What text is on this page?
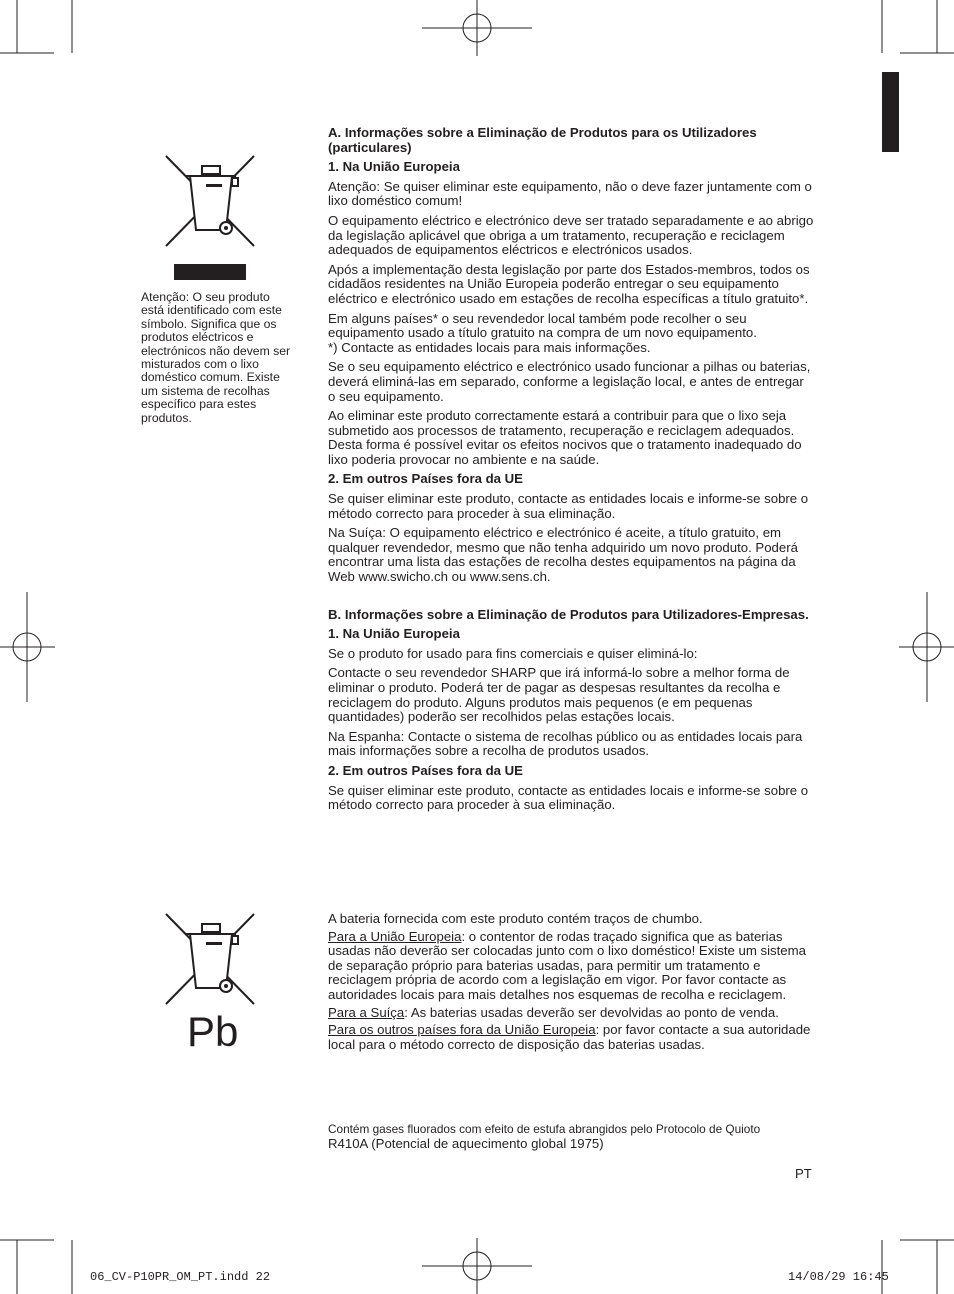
Atenção: O seu produto está identificado com este símbolo. Significa que os produtos eléctricos e electrónicos não devem ser misturados com o lixo doméstico comum. Existe um sistema de recolhas específico para estes produtos.
A. Informações sobre a Eliminação de Produtos para os Utilizadores (particulares)
1. Na União Europeia

Atenção: Se quiser eliminar este equipamento, não o deve fazer juntamente com o lixo doméstico comum!

O equipamento eléctrico e electrónico deve ser tratado separadamente e ao abrigo da legislação aplicável que obriga a um tratamento, recuperação e reciclagem adequados de equipamentos eléctricos e electrónicos usados.

Após a implementação desta legislação por parte dos Estados-membros, todos os cidadãos residentes na União Europeia poderão entregar o seu equipamento eléctrico e electrónico usado em estações de recolha específicas a título gratuito*.

Em alguns países* o seu revendedor local também pode recolher o seu equipamento usado a título gratuito na compra de um novo equipamento.

*) Contacte as entidades locais para mais informações.

Se o seu equipamento eléctrico e electrónico usado funcionar a pilhas ou baterias, deverá eliminá-las em separado, conforme a legislação local, e antes de entregar o seu equipamento.

Ao eliminar este produto correctamente estará a contribuir para que o lixo seja submetido aos processos de tratamento, recuperação e reciclagem adequados. Desta forma é possível evitar os efeitos nocivos que o tratamento inadequado do lixo poderia provocar no ambiente e na saúde.

2. Em outros Países fora da UE

Se quiser eliminar este produto, contacte as entidades locais e informe-se sobre o método correcto para proceder à sua eliminação.

Na Suíça: O equipamento eléctrico e electrónico é aceite, a título gratuito, em qualquer revendedor, mesmo que não tenha adquirido um novo produto. Poderá encontrar uma lista das estações de recolha destes equipamentos na página da Web www.swicho.ch ou www.sens.ch.

B. Informações sobre a Eliminação de Produtos para Utilizadores-Empresas.
1. Na União Europeia

Se o produto for usado para fins comerciais e quiser eliminá-lo:

Contacte o seu revendedor SHARP que irá informá-lo sobre a melhor forma de eliminar o produto. Poderá ter de pagar as despesas resultantes da recolha e reciclagem do produto. Alguns produtos mais pequenos (e em pequenas quantidades) poderão ser recolhidos pelas estações locais.

Na Espanha: Contacte o sistema de recolhas público ou as entidades locais para mais informações sobre a recolha de produtos usados.

2. Em outros Países fora da UE

Se quiser eliminar este produto, contacte as entidades locais e informe-se sobre o método correcto para proceder à sua eliminação.

Pb

A bateria fornecida com este produto contém traços de chumbo.

Para a União Europeia: o contentor de rodas traçado significa que as baterias usadas não deverão ser colocadas junto com o lixo doméstico! Existe um sistema de separação próprio para baterias usadas, para permitir um tratamento e reciclagem própria de acordo com a legislação em vigor. Por favor contacte as autoridades locais para mais detalhes nos esquemas de recolha e reciclagem.

Para a Suíça: As baterias usadas deverão ser devolvidas ao ponto de venda.

Para os outros países fora da União Europeia: por favor contacte a sua autoridade local para o método correcto de disposição das baterias usadas.

Contém gases fluorados com efeito de estufa abrangidos pelo Protocolo de Quioto
R410A (Potencial de aquecimento global 1975)
PT
06_CV-P10PR_OM_PT.indd 22	14/08/29 16:45
